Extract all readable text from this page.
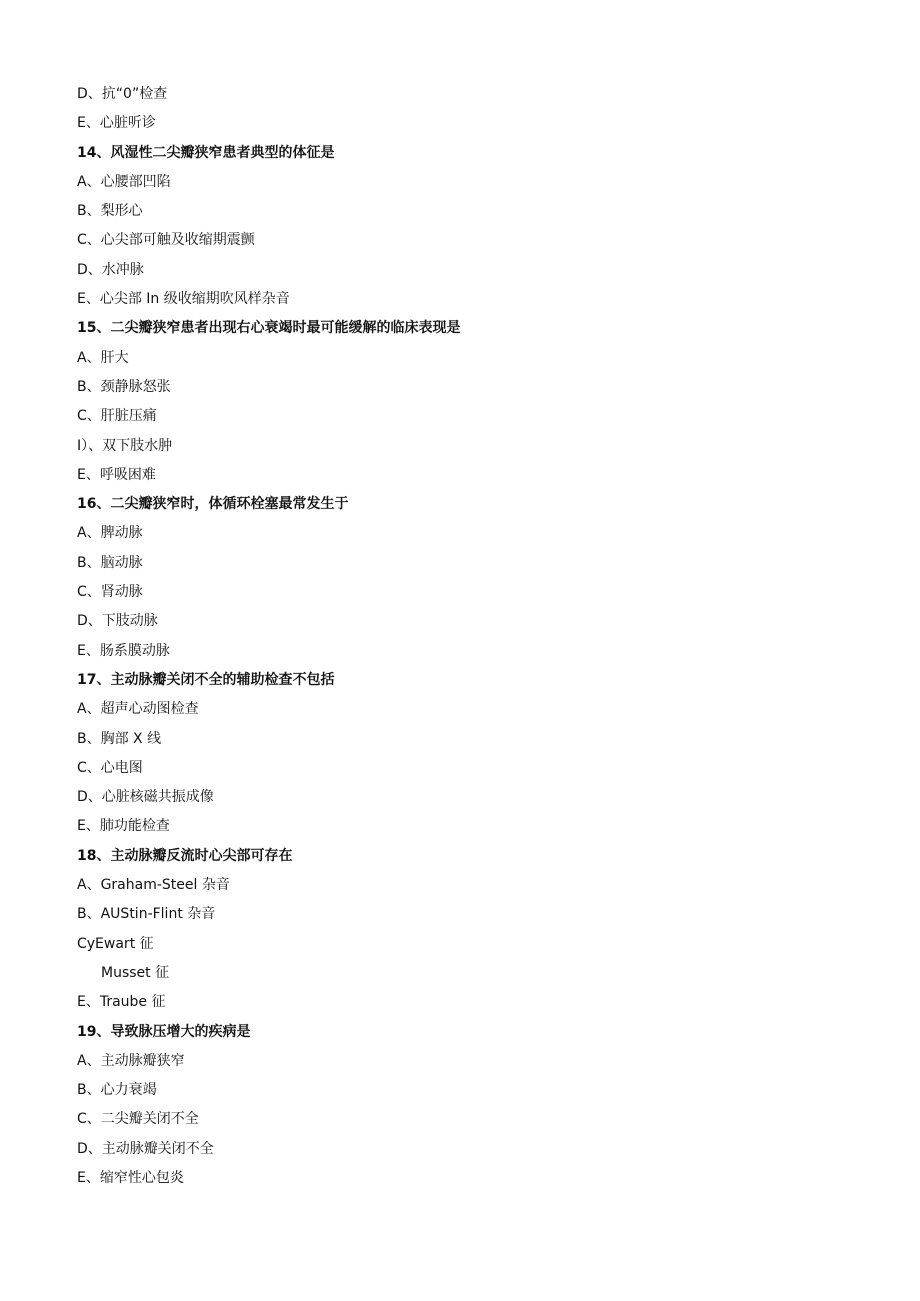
D、抗“0”检查
E、心脏听诊
14、风湿性二尖瓣狭窄患者典型的体征是
A、心腰部凹陷
B、梨形心
C、心尖部可触及收缩期震颤
D、水冲脉
E、心尖部 In 级收缩期吹风样杂音
15、二尖瓣狭窄患者出现右心衰竭时最可能缓解的临床表现是
A、肝大
B、颈静脉怒张
C、肝脏压痛
I）、双下肢水肿
E、呼吸困难
16、二尖瓣狭窄时，体循环栓塞最常发生于
A、脾动脉
B、脑动脉
C、肾动脉
D、下肢动脉
E、肠系膜动脉
17、主动脉瓣关闭不全的辅助检查不包括
A、超声心动图检查
B、胸部 X 线
C、心电图
D、心脏核磁共振成像
E、肺功能检查
18、主动脉瓣反流时心尖部可存在
A、Graham-Steel 杂音
B、AUStin-Flint 杂音
CyEwart 征
Musset 征
E、Traube 征
19、导致脉压增大的疾病是
A、主动脉瓣狭窄
B、心力衰竭
C、二尖瓣关闭不全
D、主动脉瓣关闭不全
E、缩窄性心包炎
